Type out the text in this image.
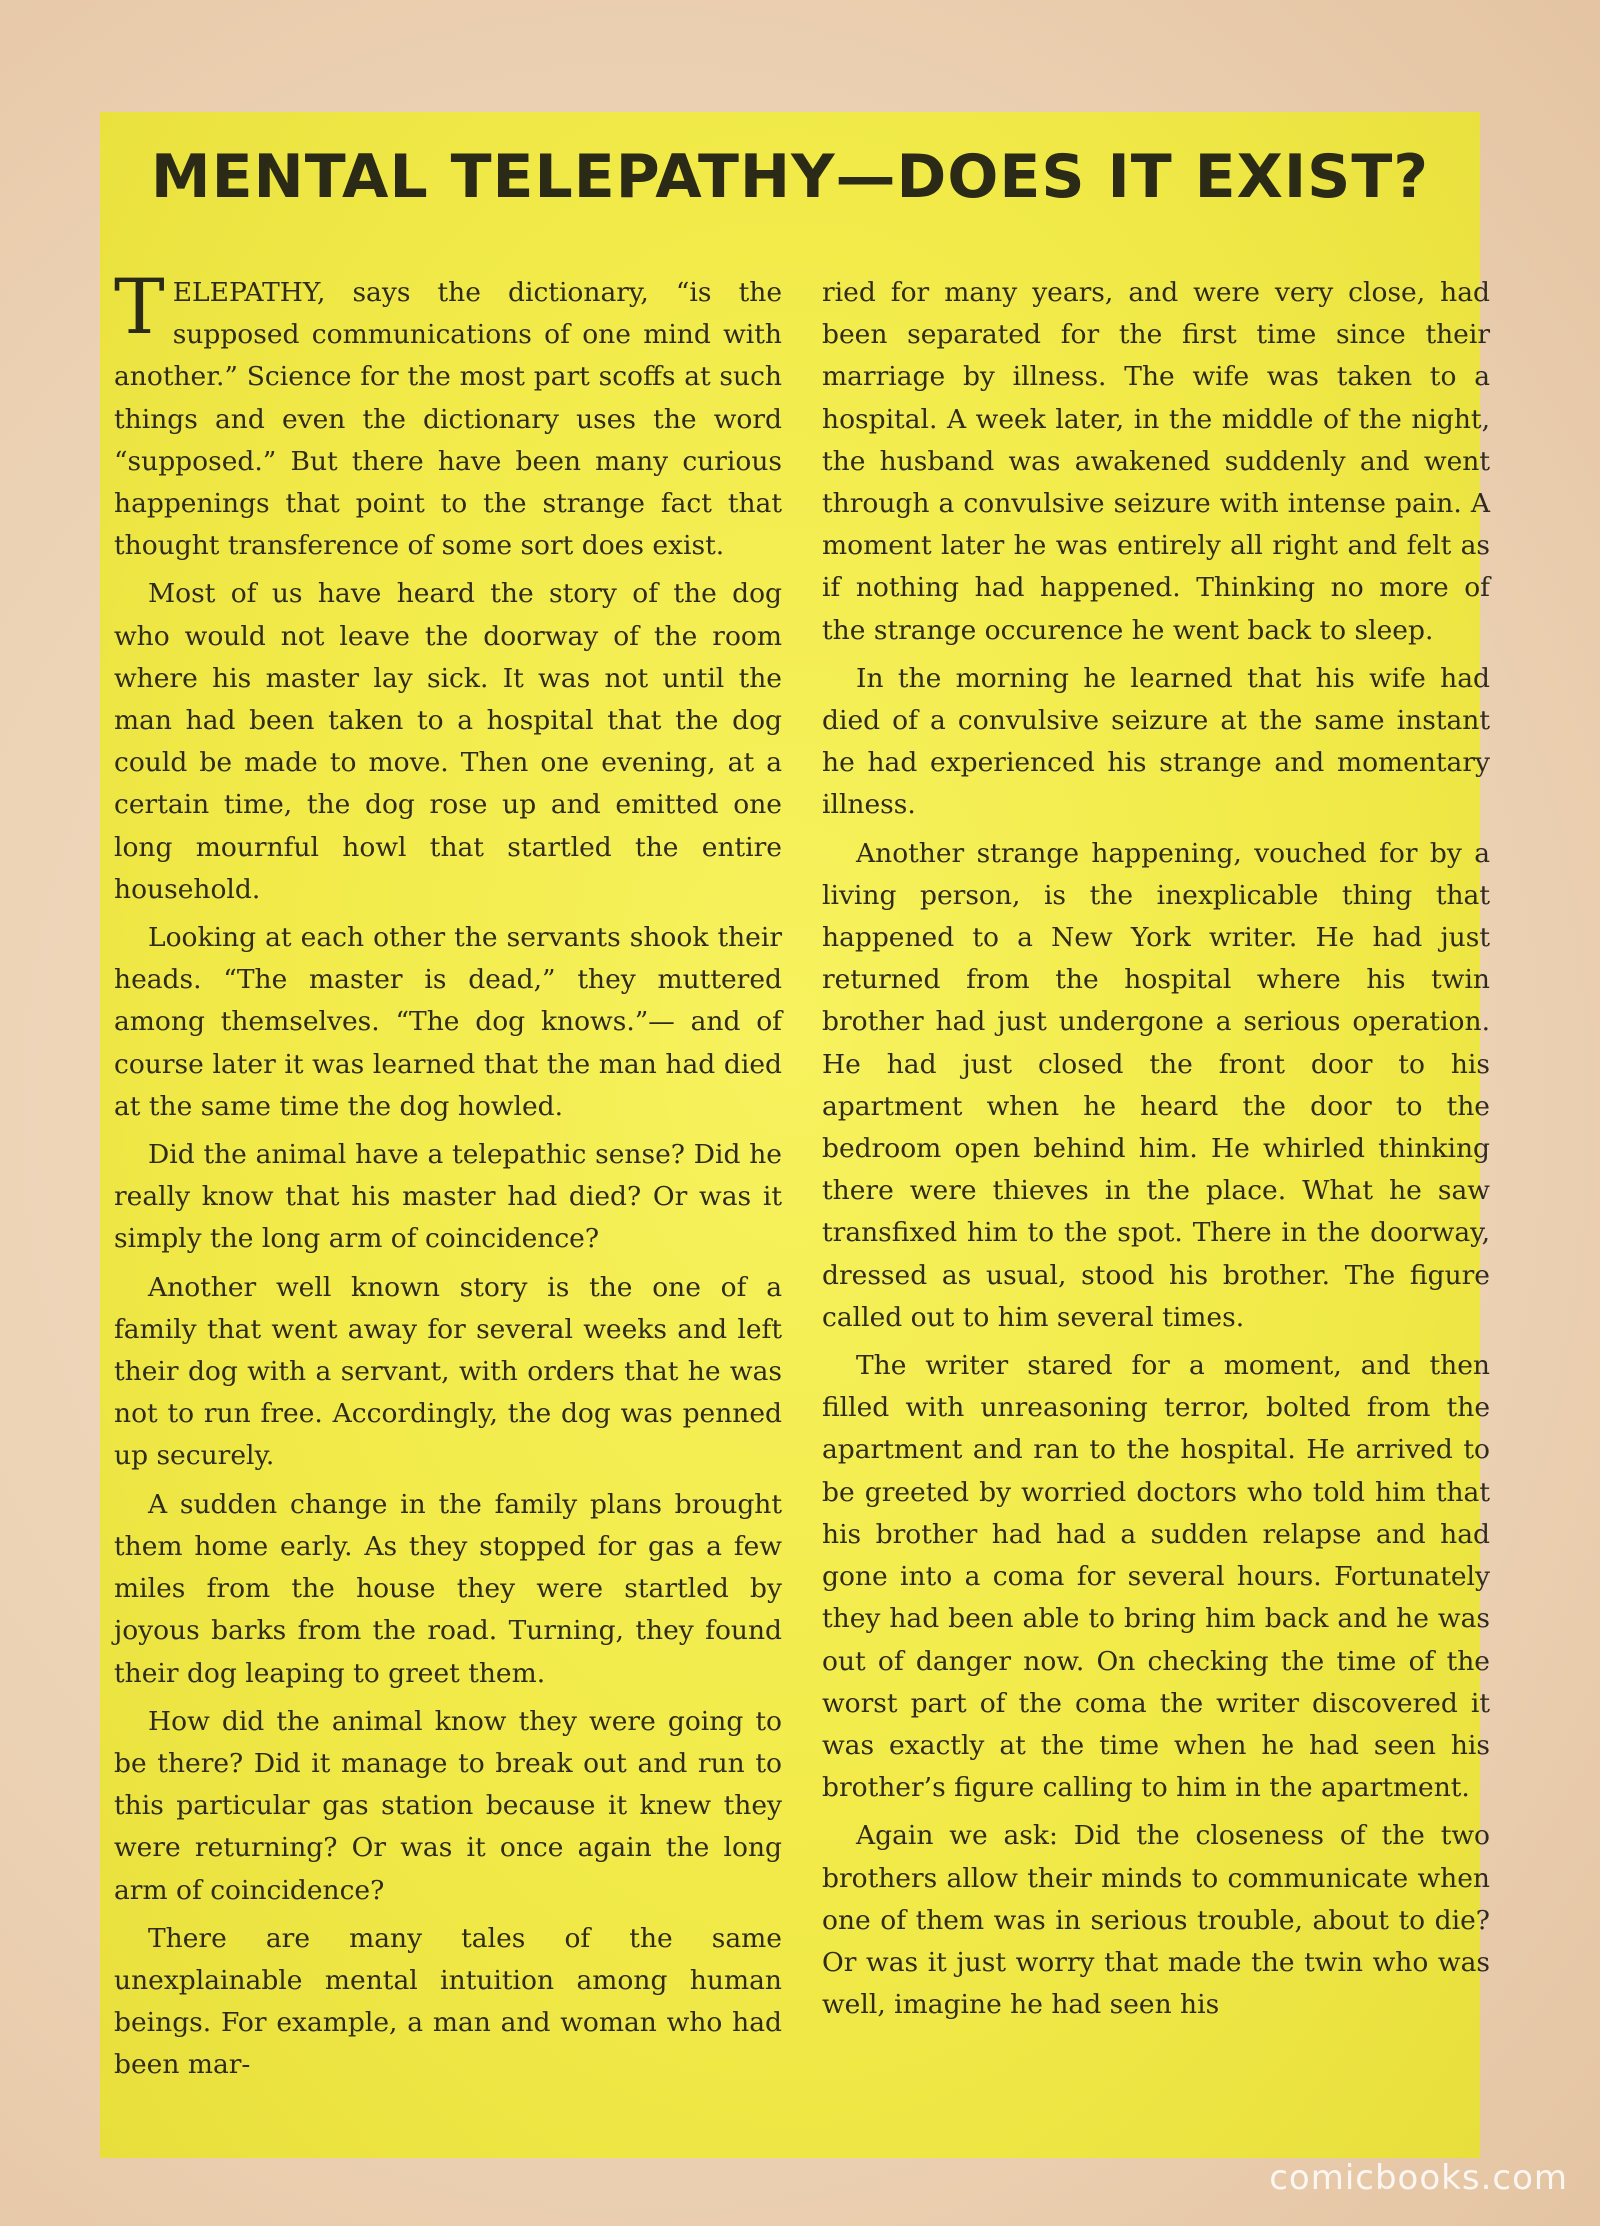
MENTAL TELEPATHY—DOES IT EXIST?

TELEPATHY, says the dictionary, “is the supposed communications of one mind with another.” Science for the most part scoffs at such things and even the dictionary uses the word “supposed.” But there have been many curious happenings that point to the strange fact that thought transference of some sort does exist.

Most of us have heard the story of the dog who would not leave the doorway of the room where his master lay sick. It was not until the man had been taken to a hospital that the dog could be made to move. Then one evening, at a certain time, the dog rose up and emitted one long mournful howl that startled the entire household.

Looking at each other the servants shook their heads. “The master is dead,” they muttered among themselves. “The dog knows.”— and of course later it was learned that the man had died at the same time the dog howled.

Did the animal have a telepathic sense? Did he really know that his master had died? Or was it simply the long arm of coincidence?

Another well known story is the one of a family that went away for several weeks and left their dog with a servant, with orders that he was not to run free. Accordingly, the dog was penned up securely.

A sudden change in the family plans brought them home early. As they stopped for gas a few miles from the house they were startled by joyous barks from the road. Turning, they found their dog leaping to greet them.

How did the animal know they were going to be there? Did it manage to break out and run to this particular gas station because it knew they were returning? Or was it once again the long arm of coincidence?

There are many tales of the same unexplainable mental intuition among human beings. For example, a man and woman who had been mar-

ried for many years, and were very close, had been separated for the first time since their marriage by illness. The wife was taken to a hospital. A week later, in the middle of the night, the husband was awakened suddenly and went through a convulsive seizure with intense pain. A moment later he was entirely all right and felt as if nothing had happened. Thinking no more of the strange occurence he went back to sleep.

In the morning he learned that his wife had died of a convulsive seizure at the same instant he had experienced his strange and momentary illness.

Another strange happening, vouched for by a living person, is the inexplicable thing that happened to a New York writer. He had just returned from the hospital where his twin brother had just undergone a serious operation. He had just closed the front door to his apartment when he heard the door to the bedroom open behind him. He whirled thinking there were thieves in the place. What he saw transfixed him to the spot. There in the doorway, dressed as usual, stood his brother. The figure called out to him several times.

The writer stared for a moment, and then filled with unreasoning terror, bolted from the apartment and ran to the hospital. He arrived to be greeted by worried doctors who told him that his brother had had a sudden relapse and had gone into a coma for several hours. Fortunately they had been able to bring him back and he was out of danger now. On checking the time of the worst part of the coma the writer discovered it was exactly at the time when he had seen his brother’s figure calling to him in the apartment.

Again we ask: Did the closeness of the two brothers allow their minds to communicate when one of them was in serious trouble, about to die? Or was it just worry that made the twin who was well, imagine he had seen his

comicbooks.com
